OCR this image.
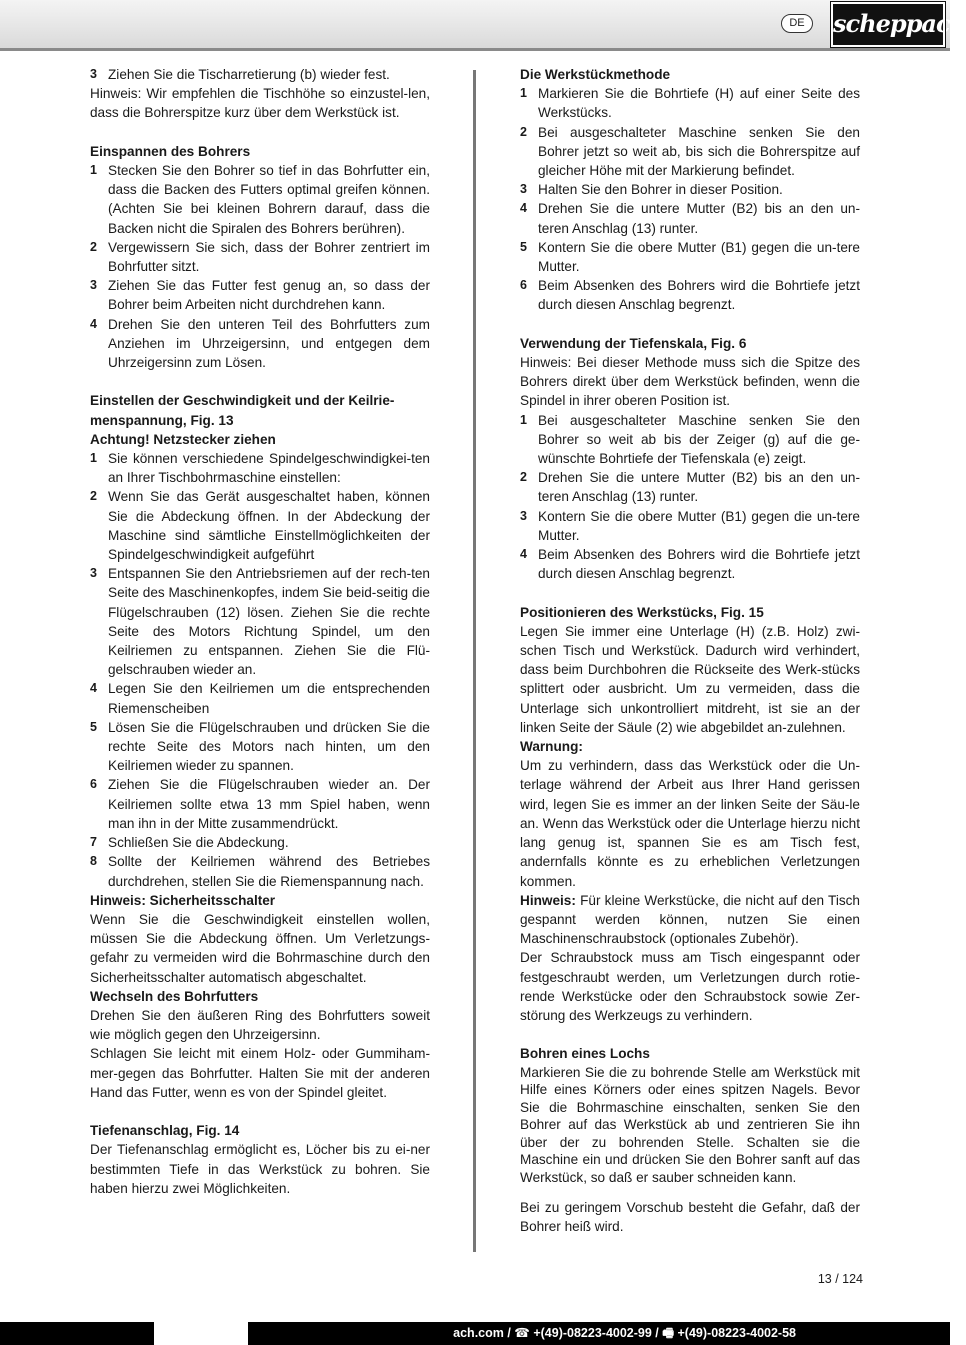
DE	scheppach
3 Ziehen Sie die Tischarretierung (b) wieder fest.

Hinweis: Wir empfehlen die Tischhöhe so einzustel-len, dass die Bohrerspitze kurz über dem Werkstück ist.

Einspannen des Bohrers
1 Stecken Sie den Bohrer so tief in das Bohrfutter ein, dass die Backen des Futters optimal greifen können. (Achten Sie bei kleinen Bohrern darauf, dass die Backen nicht die Spiralen des Bohrers berühren).
2 Vergewissern Sie sich, dass der Bohrer zentriert im Bohrfutter sitzt.
3 Ziehen Sie das Futter fest genug an, so dass der Bohrer beim Arbeiten nicht durchdrehen kann.
4 Drehen Sie den unteren Teil des Bohrfutters zum Anziehen im Uhrzeigersinn, und entgegen dem Uhrzeigersinn zum Lösen.
Einstellen der Geschwindigkeit und der Keilrie-menspannung, Fig. 13
Achtung! Netzstecker ziehen
1 Sie können verschiedene Spindelgeschwindigkei-ten an Ihrer Tischbohrmaschine einstellen:
2 Wenn Sie das Gerät ausgeschaltet haben, können Sie die Abdeckung öffnen. In der Abdeckung der Maschine sind sämtliche Einstellmöglichkeiten der Spindelgeschwindigkeit aufgeführt
3 Entspannen Sie den Antriebsriemen auf der rech-ten Seite des Maschinenkopfes, indem Sie beid-seitig die Flügelschrauben (12) lösen. Ziehen Sie die rechte Seite des Motors Richtung Spindel, um den Keilriemen zu entspannen. Ziehen Sie die Flü-gelschrauben wieder an.
4 Legen Sie den Keilriemen um die entsprechenden Riemenscheiben
5 Lösen Sie die Flügelschrauben und drücken Sie die rechte Seite des Motors nach hinten, um den Keilriemen wieder zu spannen.
6 Ziehen Sie die Flügelschrauben wieder an. Der Keilriemen sollte etwa 13 mm Spiel haben, wenn man ihn in der Mitte zusammendrückt.
7 Schließen Sie die Abdeckung.
8 Sollte der Keilriemen während des Betriebes durchdrehen, stellen Sie die Riemenspannung nach.
Hinweis: Sicherheitsschalter

Wenn Sie die Geschwindigkeit einstellen wollen, müssen Sie die Abdeckung öffnen. Um Verletzungs-gefahr zu vermeiden wird die Bohrmaschine durch den Sicherheitsschalter automatisch abgeschaltet.

Wechseln des Bohrfutters

Drehen Sie den äußeren Ring des Bohrfutters soweit wie möglich gegen den Uhrzeigersinn.

Schlagen Sie leicht mit einem Holz- oder Gummiham-mer-gegen das Bohrfutter. Halten Sie mit der anderen Hand das Futter, wenn es von der Spindel gleitet.

Tiefenanschlag, Fig. 14

Der Tiefenanschlag ermöglicht es, Löcher bis zu ei-ner bestimmten Tiefe in das Werkstück zu bohren. Sie haben hierzu zwei Möglichkeiten.

Die Werkstückmethode
1 Markieren Sie die Bohrtiefe (H) auf einer Seite des Werkstücks.
2 Bei ausgeschalteter Maschine senken Sie den Bohrer jetzt so weit ab, bis sich die Bohrerspitze auf gleicher Höhe mit der Markierung befindet.
3 Halten Sie den Bohrer in dieser Position.
4 Drehen Sie die untere Mutter (B2) bis an den un-teren Anschlag (13) runter.
5 Kontern Sie die obere Mutter (B1) gegen die un-tere Mutter.
6 Beim Absenken des Bohrers wird die Bohrtiefe jetzt durch diesen Anschlag begrenzt.
Verwendung der Tiefenskala, Fig. 6

Hinweis: Bei dieser Methode muss sich die Spitze des Bohrers direkt über dem Werkstück befinden, wenn die Spindel in ihrer oberen Position ist.

1 Bei ausgeschalteter Maschine senken Sie den Bohrer so weit ab bis der Zeiger (g) auf die ge-wünschte Bohrtiefe der Tiefenskala (e) zeigt.
2 Drehen Sie die untere Mutter (B2) bis an den un-teren Anschlag (13) runter.
3 Kontern Sie die obere Mutter (B1) gegen die un-tere Mutter.
4 Beim Absenken des Bohrers wird die Bohrtiefe jetzt durch diesen Anschlag begrenzt.
Positionieren des Werkstücks, Fig. 15

Legen Sie immer eine Unterlage (H) (z.B. Holz) zwi-schen Tisch und Werkstück. Dadurch wird verhindert, dass beim Durchbohren die Rückseite des Werk-stücks splittert oder ausbricht. Um zu vermeiden, dass die Unterlage sich unkontrolliert mitdreht, ist sie an der linken Seite der Säule (2) wie abgebildet an-zulehnen.

Warnung:

Um zu verhindern, dass das Werkstück oder die Un-terlage während der Arbeit aus Ihrer Hand gerissen wird, legen Sie es immer an der linken Seite der Säu-le an. Wenn das Werkstück oder die Unterlage hierzu nicht lang genug ist, spannen Sie es am Tisch fest, andernfalls könnte es zu erheblichen Verletzungen kommen.

Hinweis: Für kleine Werkstücke, die nicht auf den Tisch gespannt werden können, nutzen Sie einen Maschinenschraubstock (optionales Zubehör).

Der Schraubstock muss am Tisch eingespannt oder festgeschraubt werden, um Verletzungen durch rotie-rende Werkstücke oder den Schraubstock sowie Zer-störung des Werkzeugs zu verhindern.

Bohren eines Lochs

Markieren Sie die zu bohrende Stelle am Werkstück mit Hilfe eines Körners oder eines spitzen Nagels. Bevor Sie die Bohrmaschine einschalten, senken Sie den Bohrer auf das Werkstück ab und zentrieren Sie ihn über der zu bohrenden Stelle. Schalten sie die Maschine ein und drücken Sie den Bohrer sanft auf das Werkstück, so daß er sauber schneiden kann.

Bei zu geringem Vorschub besteht die Gefahr, daß der Bohrer heiß wird.

13 / 124
ach.com / ☎ +(49)-08223-4002-99 / 🖷 +(49)-08223-4002-58
